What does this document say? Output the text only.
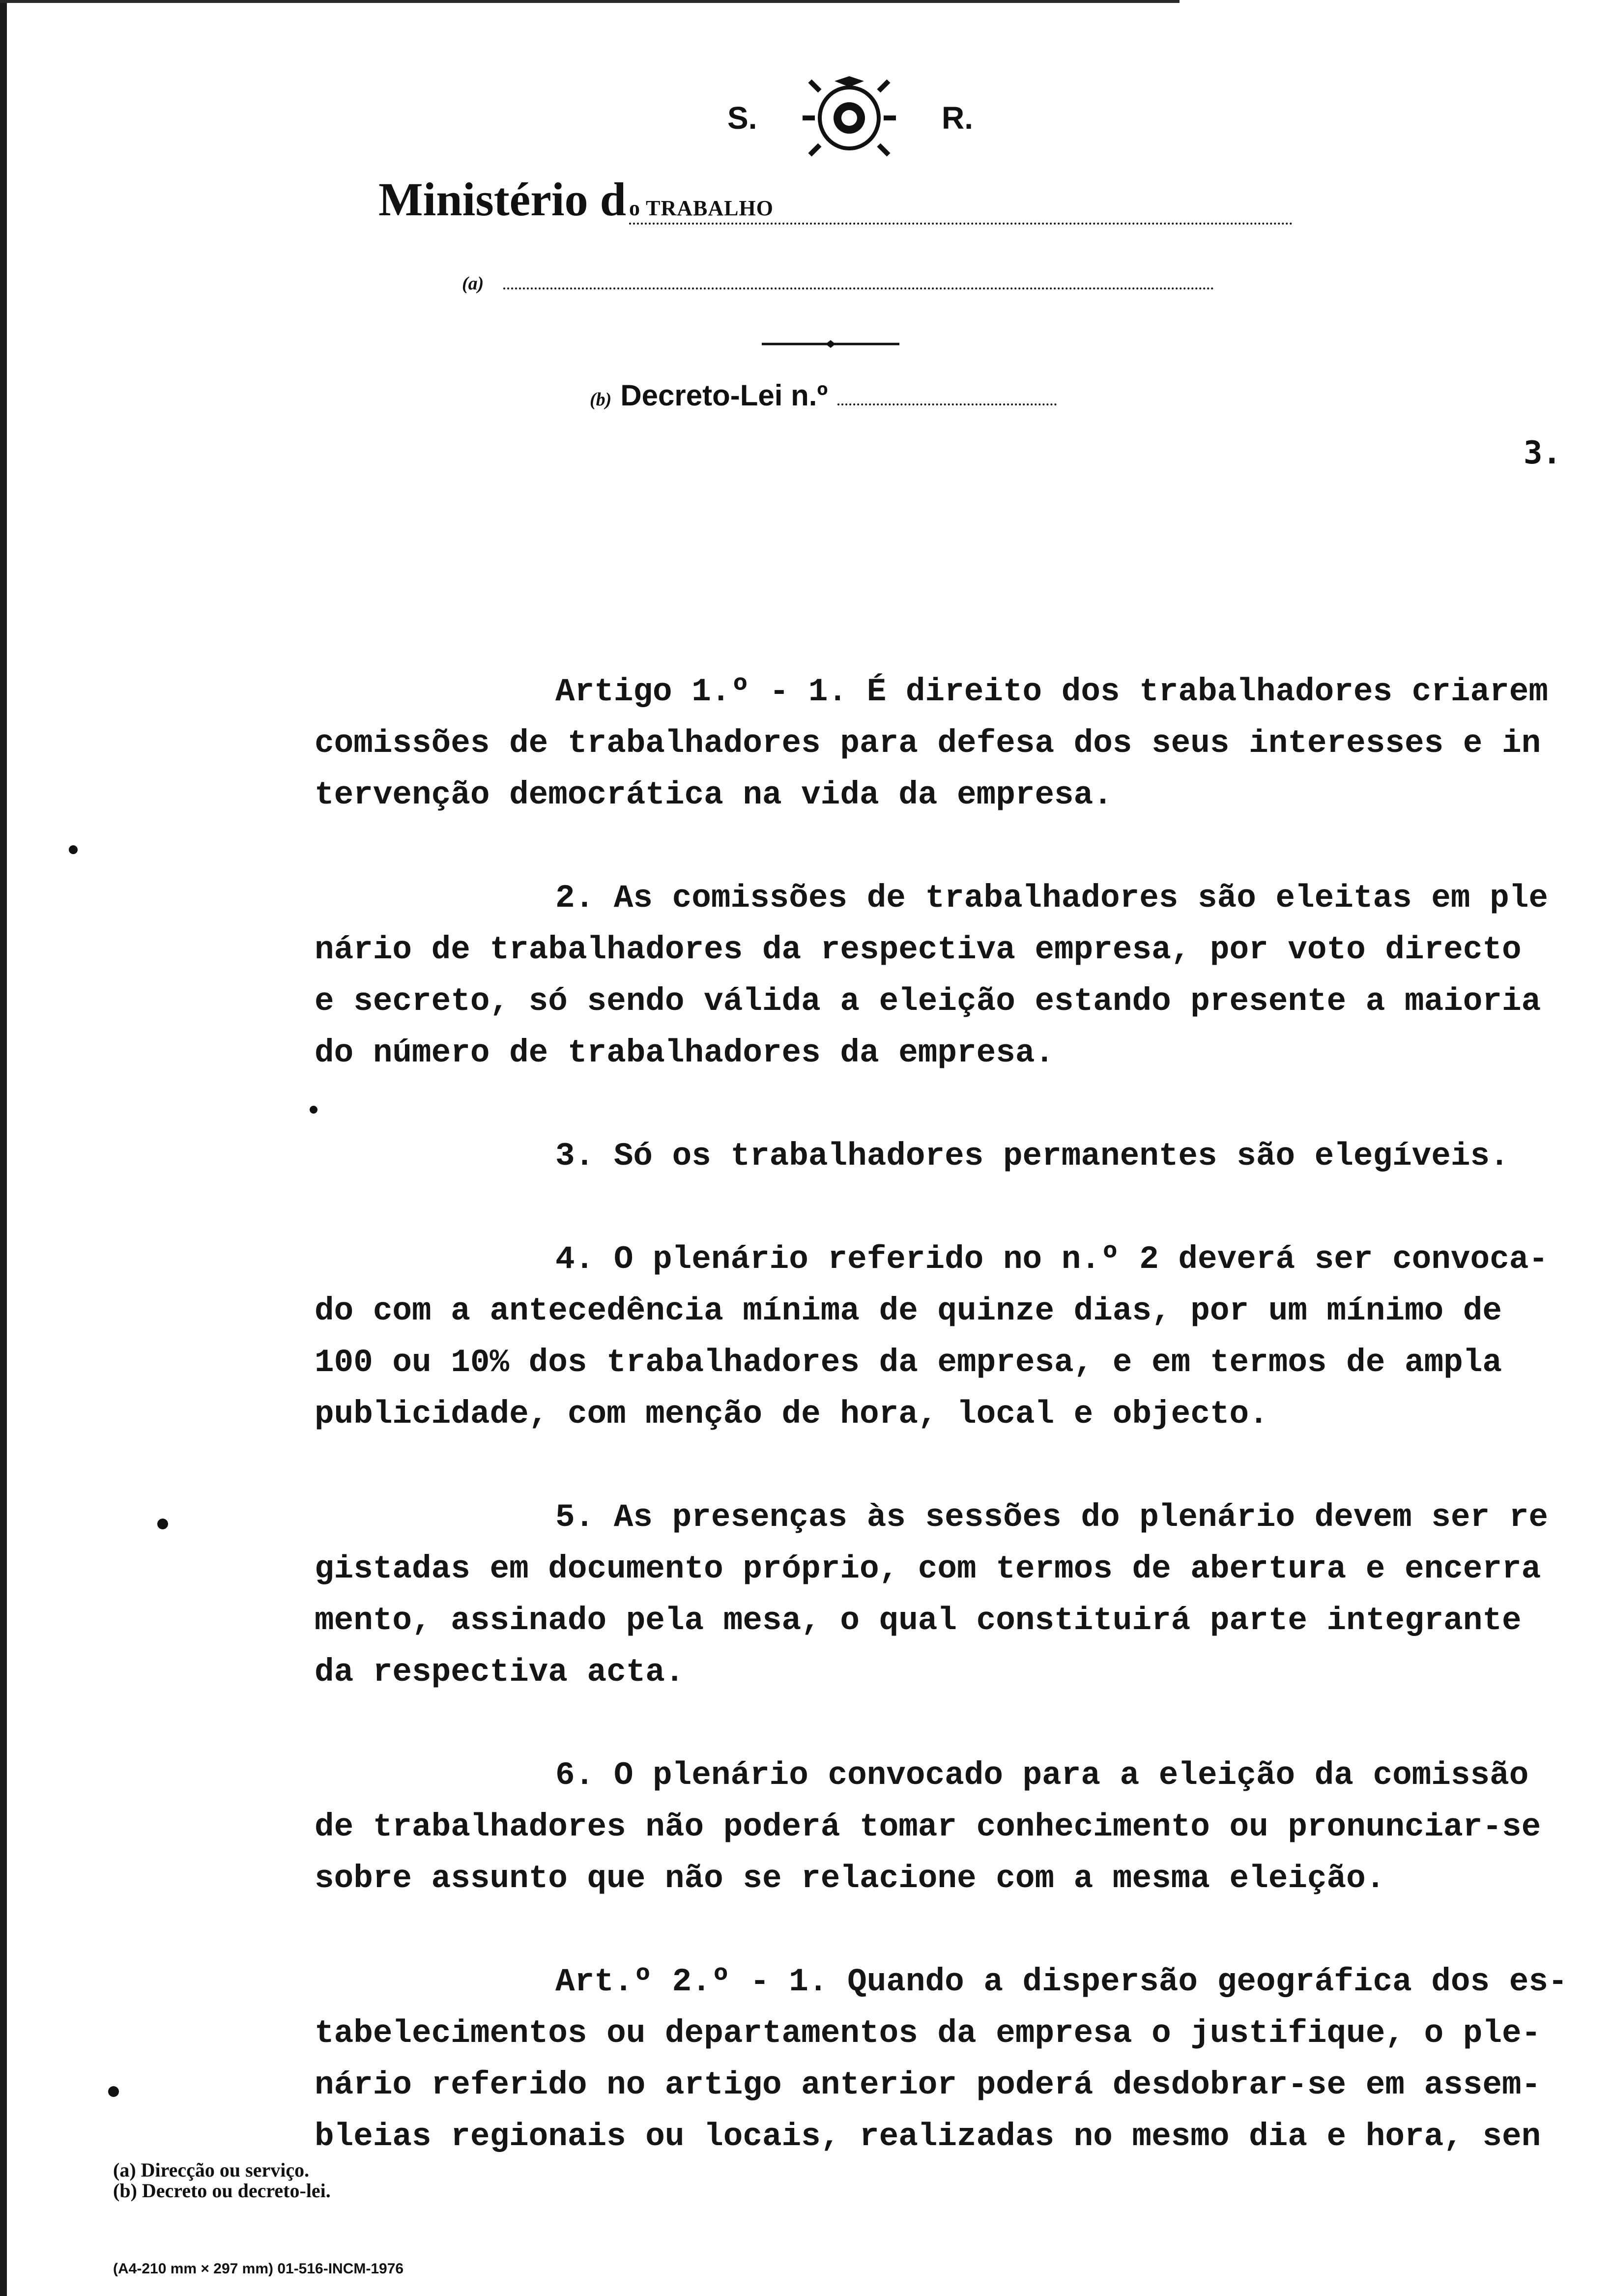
S.	R.
Ministério d o TRABALHO
(a)
(b) Decreto-Lei n.º
3.
Artigo 1.º - 1. É direito dos trabalhadores criarem
comissões de trabalhadores para defesa dos seus interesses e in
tervenção democrática na vida da empresa.
2. As comissões de trabalhadores são eleitas em ple
nário de trabalhadores da respectiva empresa, por voto directo
e secreto, só sendo válida a eleição estando presente a maioria
do número de trabalhadores da empresa.
3. Só os trabalhadores permanentes são elegíveis.
4. O plenário referido no n.º 2 deverá ser convoca-
do com a antecedência mínima de quinze dias, por um mínimo de
100 ou 10% dos trabalhadores da empresa, e em termos de ampla
publicidade, com menção de hora, local e objecto.
5. As presenças às sessões do plenário devem ser re
gistadas em documento próprio, com termos de abertura e encerra
mento, assinado pela mesa, o qual constituirá parte integrante
da respectiva acta.
6. O plenário convocado para a eleição da comissão
de trabalhadores não poderá tomar conhecimento ou pronunciar-se
sobre assunto que não se relacione com a mesma eleição.
Art.º 2.º - 1. Quando a dispersão geográfica dos es-
tabelecimentos ou departamentos da empresa o justifique, o ple-
nário referido no artigo anterior poderá desdobrar-se em assem-
bleias regionais ou locais, realizadas no mesmo dia e hora, sen
(a) Direcção ou serviço.
(b) Decreto ou decreto-lei.
(A4-210 mm × 297 mm) 01-516-INCM-1976
